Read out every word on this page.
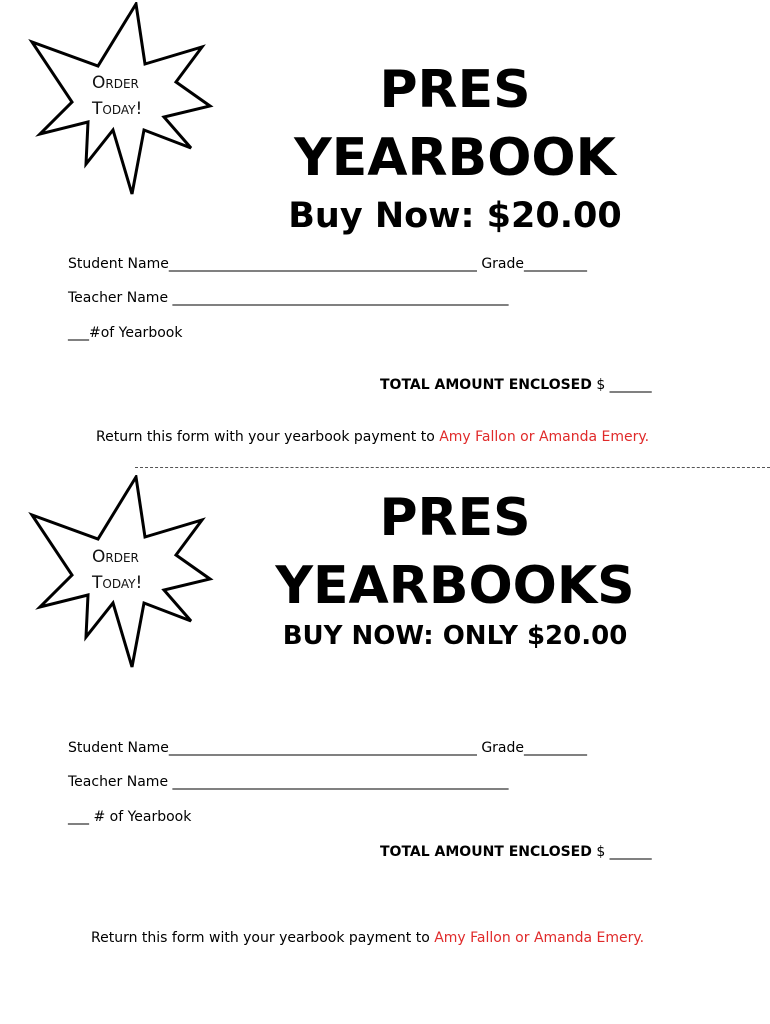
Order
Today!	PRES
YEARBOOK
Buy Now: $20.00
Student Name____________________________________________ Grade_________
Teacher Name ________________________________________________
___#of Yearbook
TOTAL AMOUNT ENCLOSED $ ______
Return this form with your yearbook payment to Amy Fallon or Amanda Emery.
Order
Today!
PRES
YEARBOOKS
BUY NOW: ONLY $20.00
Student Name____________________________________________ Grade_________
Teacher Name ________________________________________________
___ # of Yearbook
TOTAL AMOUNT ENCLOSED $ ______
Return this form with your yearbook payment to Amy Fallon or Amanda Emery.
